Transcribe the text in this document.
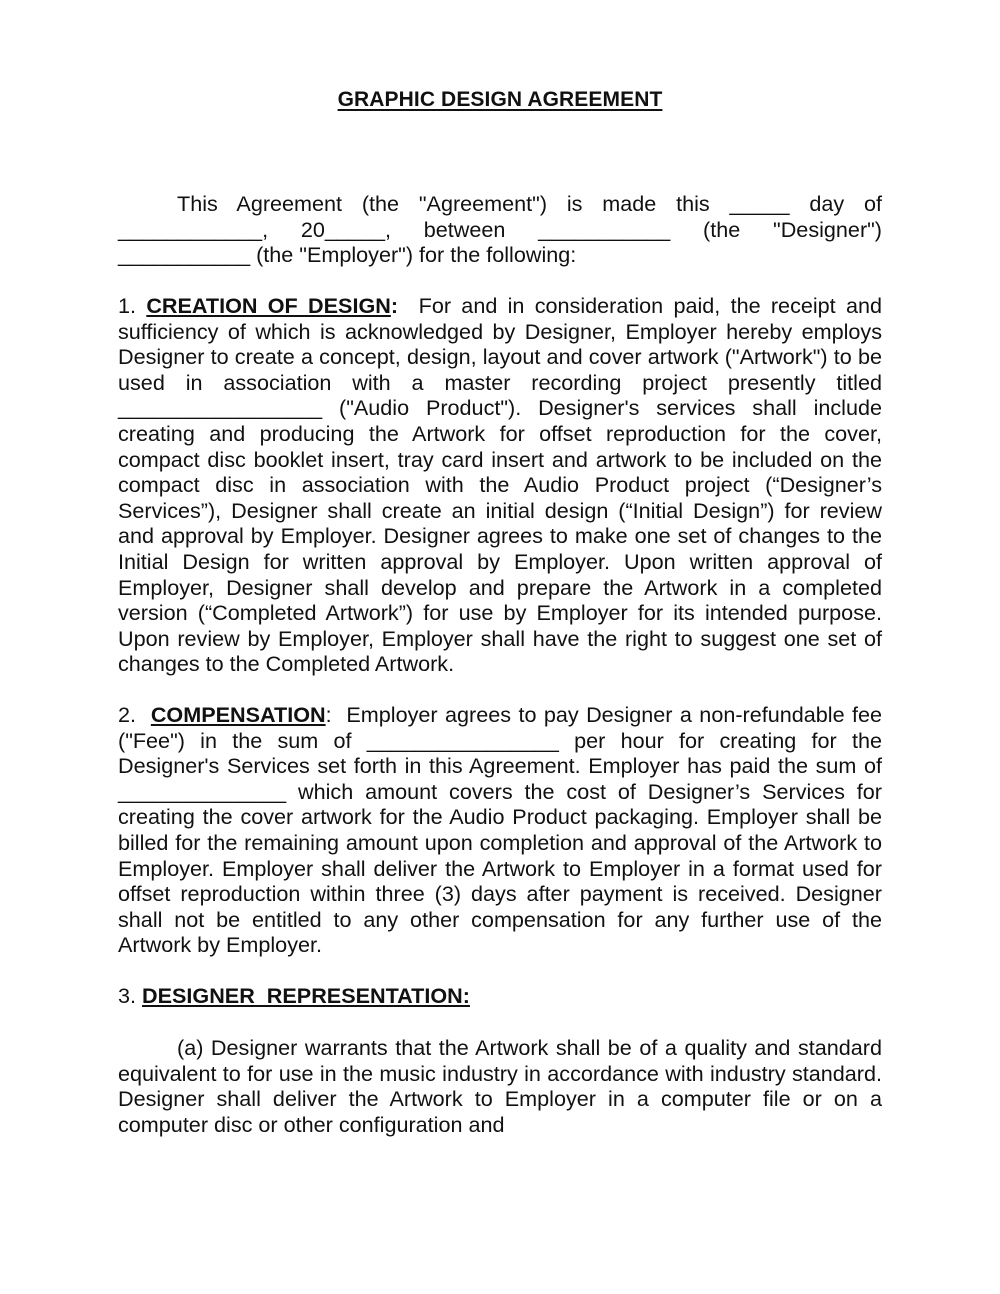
GRAPHIC DESIGN AGREEMENT

This Agreement (the "Agreement") is made this _____ day of ____________, 20_____, between ___________ (the "Designer") ___________ (the "Employer") for the following:

1. CREATION OF DESIGN: For and in consideration paid, the receipt and sufficiency of which is acknowledged by Designer, Employer hereby employs Designer to create a concept, design, layout and cover artwork ("Artwork") to be used in association with a master recording project presently titled _________________ ("Audio Product"). Designer's services shall include creating and producing the Artwork for offset reproduction for the cover, compact disc booklet insert, tray card insert and artwork to be included on the compact disc in association with the Audio Product project (“Designer’s Services”), Designer shall create an initial design (“Initial Design”) for review and approval by Employer. Designer agrees to make one set of changes to the Initial Design for written approval by Employer. Upon written approval of Employer, Designer shall develop and prepare the Artwork in a completed version (“Completed Artwork”) for use by Employer for its intended purpose. Upon review by Employer, Employer shall have the right to suggest one set of changes to the Completed Artwork.

2. COMPENSATION: Employer agrees to pay Designer a non-refundable fee ("Fee") in the sum of ________________ per hour for creating for the Designer's Services set forth in this Agreement. Employer has paid the sum of ______________ which amount covers the cost of Designer’s Services for creating the cover artwork for the Audio Product packaging. Employer shall be billed for the remaining amount upon completion and approval of the Artwork to Employer. Employer shall deliver the Artwork to Employer in a format used for offset reproduction within three (3) days after payment is received. Designer shall not be entitled to any other compensation for any further use of the Artwork by Employer.

3. DESIGNER  REPRESENTATION:

(a) Designer warrants that the Artwork shall be of a quality and standard equivalent to for use in the music industry in accordance with industry standard. Designer shall deliver the Artwork to Employer in a computer file or on a computer disc or other configuration and
